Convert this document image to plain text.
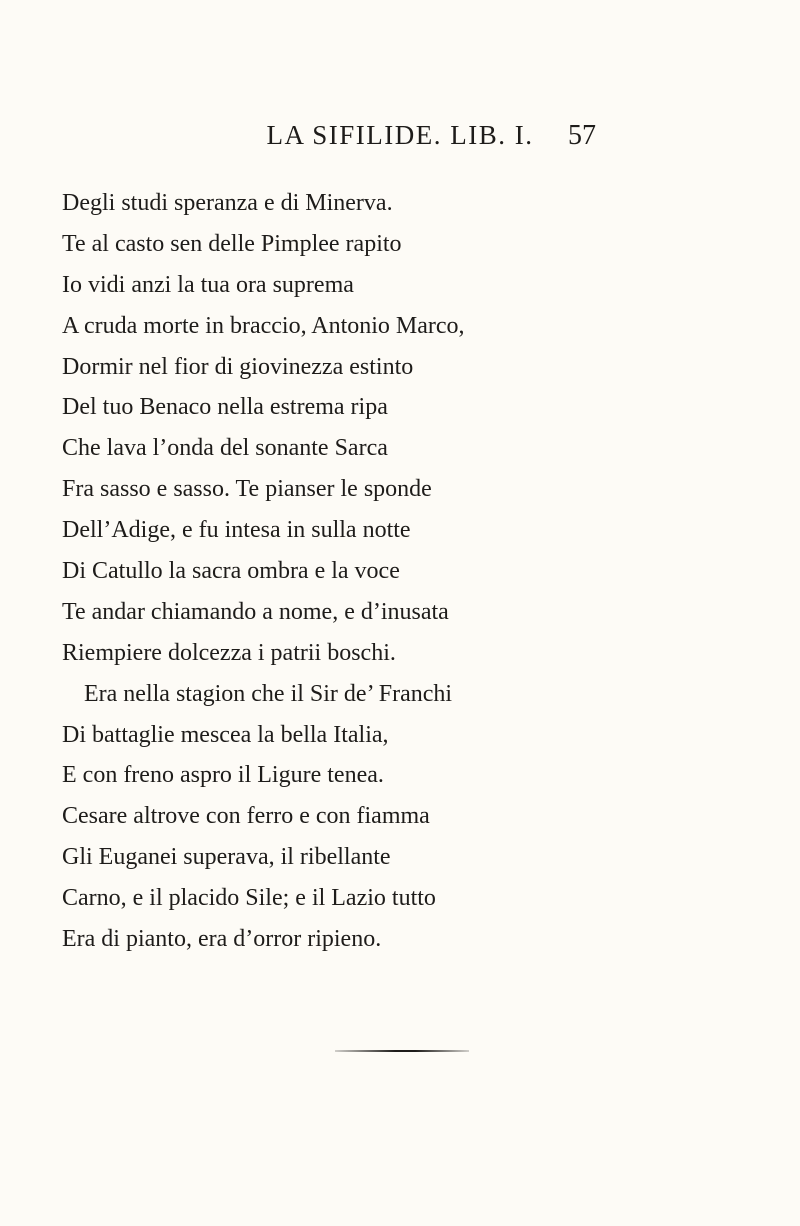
LA SIFILIDE. LIB. I.	57
Degli studi speranza e di Minerva.
Te al casto sen delle Pimplee rapito
Io vidi anzi la tua ora suprema
A cruda morte in braccio, Antonio Marco,
Dormir nel fior di giovinezza estinto
Del tuo Benaco nella estrema ripa
Che lava l’onda del sonante Sarca
Fra sasso e sasso. Te pianser le sponde
Dell’Adige, e fu intesa in sulla notte
Di Catullo la sacra ombra e la voce
Te andar chiamando a nome, e d’inusata
Riempiere dolcezza i patrii boschi.
Era nella stagion che il Sir de’ Franchi
Di battaglie mescea la bella Italia,
E con freno aspro il Ligure tenea.
Cesare altrove con ferro e con fiamma
Gli Euganei superava, il ribellante
Carno, e il placido Sile; e il Lazio tutto
Era di pianto, era d’orror ripieno.
